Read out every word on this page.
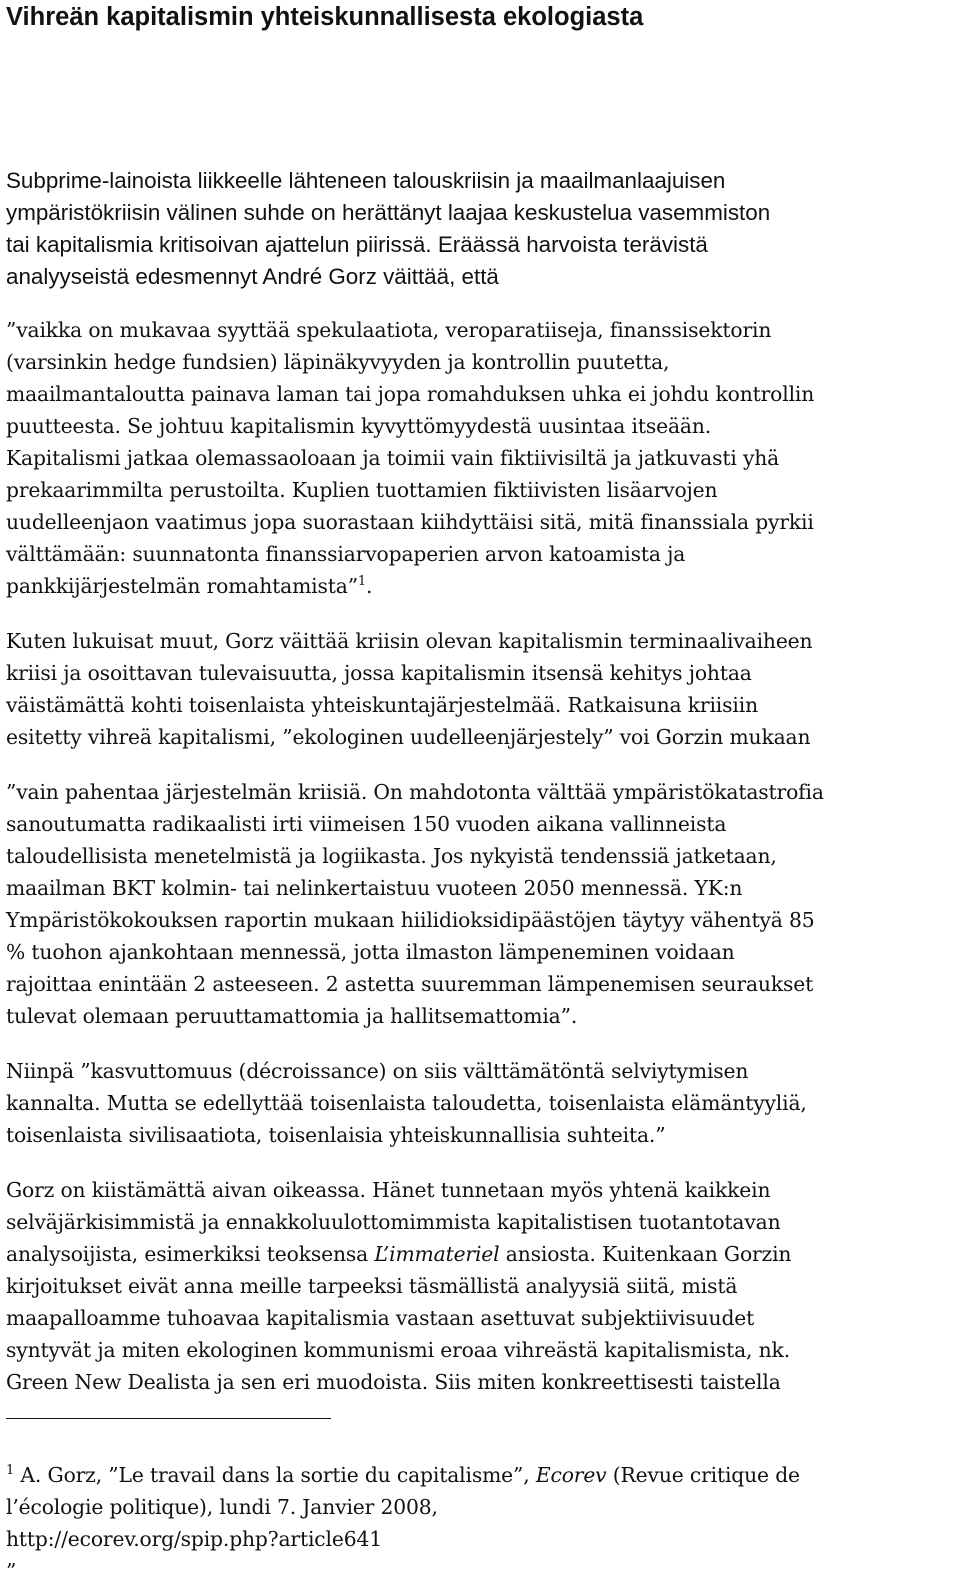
Vihreän kapitalismin yhteiskunnallisesta ekologiasta

Subprime-lainoista liikkeelle lähteneen talouskriisin ja maailmanlaajuisen

ympäristökriisin välinen suhde on herättänyt laajaa keskustelua vasemmiston

tai kapitalismia kritisoivan ajattelun piirissä. Eräässä harvoista terävistä

analyyseistä edesmennyt André Gorz väittää, että

”vaikka on mukavaa syyttää spekulaatiota, veroparatiiseja, finanssisektorin

(varsinkin hedge fundsien) läpinäkyvyyden ja kontrollin puutetta,

maailmantaloutta painava laman tai jopa romahduksen uhka ei johdu kontrollin

puutteesta. Se johtuu kapitalismin kyvyttömyydestä uusintaa itseään.

Kapitalismi jatkaa olemassaoloaan ja toimii vain fiktiivisiltä ja jatkuvasti yhä

prekaarimmilta perustoilta. Kuplien tuottamien fiktiivisten lisäarvojen

uudelleenjaon vaatimus jopa suorastaan kiihdyttäisi sitä, mitä finanssiala pyrkii

välttämään: suunnatonta finanssiarvopaperien arvon katoamista ja

pankkijärjestelmän romahtamista”$^1$.

Kuten lukuisat muut, Gorz väittää kriisin olevan kapitalismin terminaalivaiheen

kriisi ja osoittavan tulevaisuutta, jossa kapitalismin itsensä kehitys johtaa

väistämättä kohti toisenlaista yhteiskuntajärjestelmää. Ratkaisuna kriisiin

esitetty vihreä kapitalismi, ”ekologinen uudelleenjärjestely” voi Gorzin mukaan

”vain pahentaa järjestelmän kriisiä. On mahdotonta välttää ympäristökatastrofia

sanoutumatta radikaalisti irti viimeisen 150 vuoden aikana vallinneista

taloudellisista menetelmistä ja logiikasta. Jos nykyistä tendenssiä jatketaan,

maailman BKT kolmin- tai nelinkertaistuu vuoteen 2050 mennessä. YK:n

Ympäristökokouksen raportin mukaan hiilidioksidipäästöjen täytyy vähentyä 85

% tuohon ajankohtaan mennessä, jotta ilmaston lämpeneminen voidaan

rajoittaa enintään 2 asteeseen. 2 astetta suuremman lämpenemisen seuraukset

tulevat olemaan peruuttamattomia ja hallitsemattomia”.

Niinpä ”kasvuttomuus (décroissance) on siis välttämätöntä selviytymisen

kannalta. Mutta se edellyttää toisenlaista taloudetta, toisenlaista elämäntyyliä,

toisenlaista sivilisaatiota, toisenlaisia yhteiskunnallisia suhteita.”

Gorz on kiistämättä aivan oikeassa. Hänet tunnetaan myös yhtenä kaikkein

selväjärkisimmistä ja ennakkoluulottomimmista kapitalistisen tuotantotavan

analysoijista, esimerkiksi teoksensa L’immateriel ansiosta. Kuitenkaan Gorzin

kirjoitukset eivät anna meille tarpeeksi täsmällistä analyysiä siitä, mistä

maapalloamme tuhoavaa kapitalismia vastaan asettuvat subjektiivisuudet

syntyvät ja miten ekologinen kommunismi eroaa vihreästä kapitalismista, nk.

Green New Dealista ja sen eri muodoista. Siis miten konkreettisesti taistella

$^1$ A. Gorz, ”Le travail dans la sortie du capitalisme”, Ecorev (Revue critique de

l’écologie politique), lundi 7. Janvier 2008,

http://ecorev.org/spip.php?article641

”
